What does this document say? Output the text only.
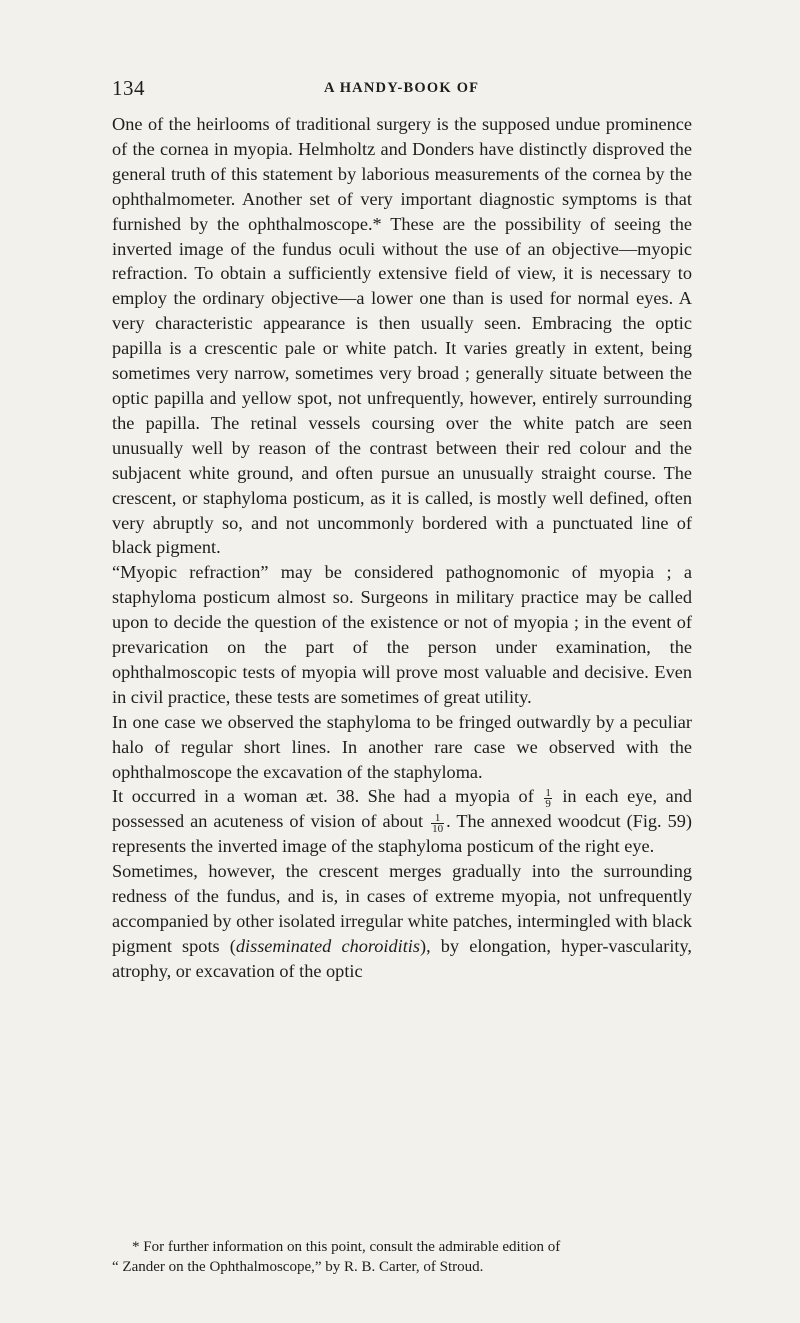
134	A HANDY-BOOK OF

One of the heirlooms of traditional surgery is the supposed undue prominence of the cornea in myopia. Helmholtz and Donders have distinctly disproved the general truth of this statement by laborious measurements of the cornea by the ophthalmometer. Another set of very important diagnostic symptoms is that furnished by the ophthalmoscope.* These are the possibility of seeing the inverted image of the fundus oculi without the use of an objective—myopic refraction. To obtain a sufficiently extensive field of view, it is necessary to employ the ordinary objective—a lower one than is used for normal eyes. A very characteristic appearance is then usually seen. Embracing the optic papilla is a crescentic pale or white patch. It varies greatly in extent, being sometimes very narrow, sometimes very broad ; generally situate between the optic papilla and yellow spot, not unfrequently, however, entirely surrounding the papilla. The retinal vessels coursing over the white patch are seen unusually well by reason of the contrast between their red colour and the subjacent white ground, and often pursue an unusually straight course. The crescent, or staphyloma posticum, as it is called, is mostly well defined, often very abruptly so, and not uncommonly bordered with a punctuated line of black pigment.

“Myopic refraction” may be considered pathognomonic of myopia ; a staphyloma posticum almost so. Surgeons in military practice may be called upon to decide the question of the existence or not of myopia ; in the event of prevarication on the part of the person under examination, the ophthalmoscopic tests of myopia will prove most valuable and decisive. Even in civil practice, these tests are sometimes of great utility.

In one case we observed the staphyloma to be fringed outwardly by a peculiar halo of regular short lines. In another rare case we observed with the ophthalmoscope the excavation of the staphyloma.

It occurred in a woman æt. 38. She had a myopia of $\frac{1}{9}$ in each eye, and possessed an acuteness of vision of about $\frac{1}{10}$ . The annexed woodcut (Fig. 59) represents the inverted image of the staphyloma posticum of the right eye.

Sometimes, however, the crescent merges gradually into the surrounding redness of the fundus, and is, in cases of extreme myopia, not unfrequently accompanied by other isolated irregular white patches, intermingled with black pigment spots (disseminated choroiditis), by elongation, hyper-vascularity, atrophy, or excavation of the optic

* For further information on this point, consult the admirable edition of

“ Zander on the Ophthalmoscope,” by R. B. Carter, of Stroud.
